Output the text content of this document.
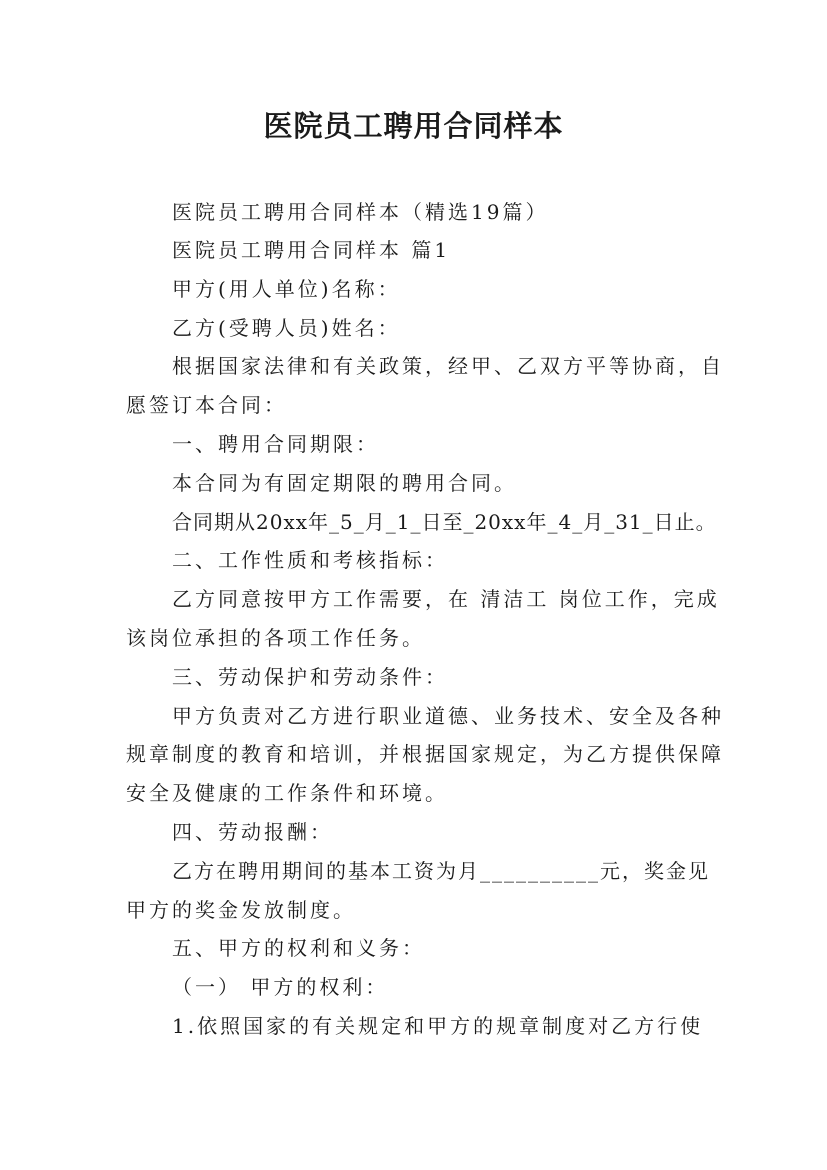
医院员工聘用合同样本
医院员工聘用合同样本（精选19篇）
医院员工聘用合同样本 篇1
甲方(用人单位)名称：
乙方(受聘人员)姓名：
根据国家法律和有关政策，经甲、乙双方平等协商，自
愿签订本合同：
一、聘用合同期限：
本合同为有固定期限的聘用合同。
合同期从20xx年_5_月_1_日至_20xx年_4_月_31_日止。
二、工作性质和考核指标：
乙方同意按甲方工作需要，在 清洁工 岗位工作，完成
该岗位承担的各项工作任务。
三、劳动保护和劳动条件：
甲方负责对乙方进行职业道德、业务技术、安全及各种
规章制度的教育和培训，并根据国家规定，为乙方提供保障
安全及健康的工作条件和环境。
四、劳动报酬：
乙方在聘用期间的基本工资为月__________元，奖金见
甲方的奖金发放制度。
五、甲方的权利和义务：
（一） 甲方的权利：
1.依照国家的有关规定和甲方的规章制度对乙方行使
